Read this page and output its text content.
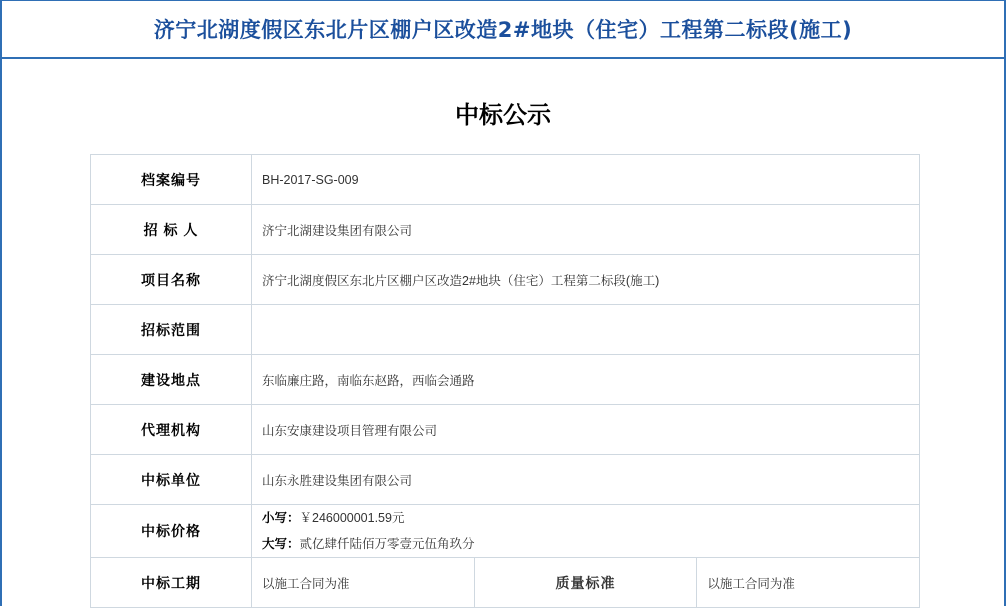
济宁北湖度假区东北片区棚户区改造2#地块（住宅）工程第二标段(施工)
中标公示
档案编号	BH-2017-SG-009		
招 标 人	济宁北湖建设集团有限公司		
项目名称	济宁北湖度假区东北片区棚户区改造2#地块（住宅）工程第二标段(施工)		
招标范围			
建设地点	东临廉庄路，南临东赵路，西临会通路		
代理机构	山东安康建设项目管理有限公司		
中标单位	山东永胜建设集团有限公司		
中标价格	小写：￥246000001.59元
大写：贰亿肆仟陆佰万零壹元伍角玖分		

中标工期	以施工合同为准	质量标准	以施工合同为准
